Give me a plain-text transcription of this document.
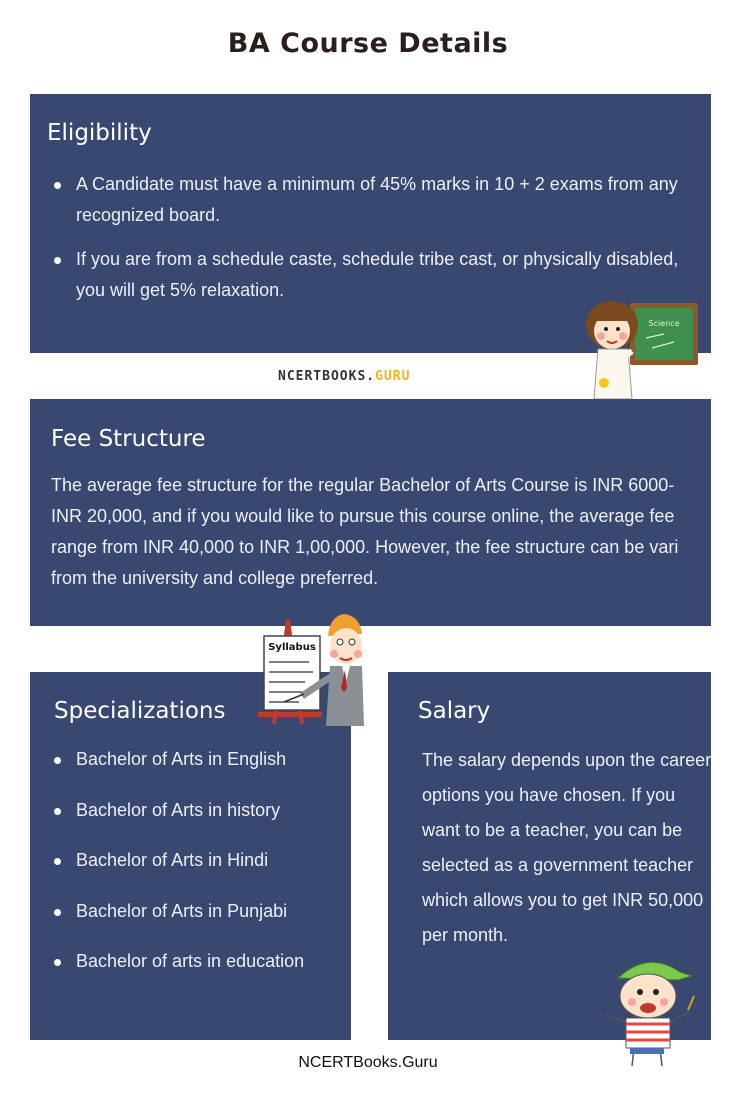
BA Course Details
Eligibility
A Candidate must have a minimum of 45% marks in 10 + 2 exams from any recognized board.
If you are from a schedule caste, schedule tribe cast, or physically disabled, you will get 5% relaxation.
Science
NCERTBOOKS.GURU
Fee Structure

The average fee structure for the regular Bachelor of Arts Course is INR 6000-
INR 20,000, and if you would like to pursue this course online, the average fee
range from INR 40,000 to INR 1,00,000. However, the fee structure can be vari
from the university and college preferred.

Specializations
Bachelor of Arts in English
Bachelor of Arts in history
Bachelor of Arts in Hindi
Bachelor of Arts in Punjabi
Bachelor of arts in education
Syllabus
Salary

The salary depends upon the career options you have chosen. If you want to be a teacher, you can be selected as a government teacher which allows you to get INR 50,000 per month.

NCERTBooks.Guru
